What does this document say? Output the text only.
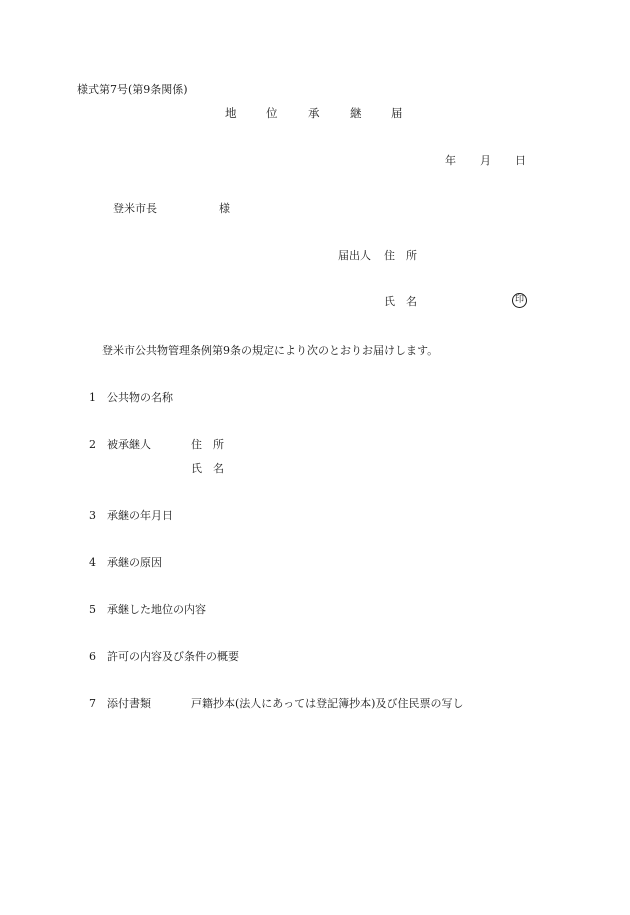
様式第7号(第9条関係)
地	位	承	継	届
年 月 日
登米市長	様
届出人 住　所
氏　名	印
登米市公共物管理条例第9条の規定により次のとおりお届けします。
1 公共物の名称
2 被承継人	住　所
氏　名
3 承継の年月日
4 承継の原因
5 承継した地位の内容
6 許可の内容及び条件の概要
7 添付書類	戸籍抄本(法人にあっては登記簿抄本)及び住民票の写し
